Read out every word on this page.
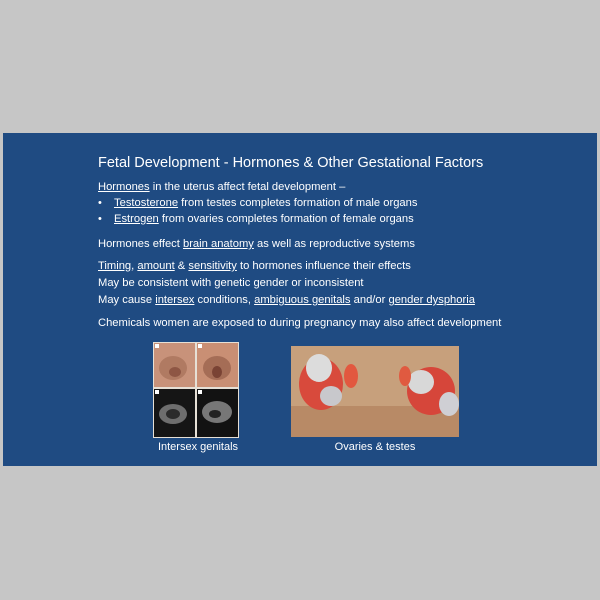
Fetal Development - Hormones & Other Gestational Factors
Hormones in the uterus affect fetal development –
• Testosterone from testes completes formation of male organs
• Estrogen from ovaries completes formation of female organs
Hormones effect brain anatomy as well as reproductive systems
Timing, amount & sensitivity to hormones influence their effects
May be consistent with genetic gender or inconsistent
May cause intersex conditions, ambiguous genitals and/or gender dysphoria
Chemicals women are exposed to during pregnancy may also affect development
Intersex genitals	Ovaries & testes
